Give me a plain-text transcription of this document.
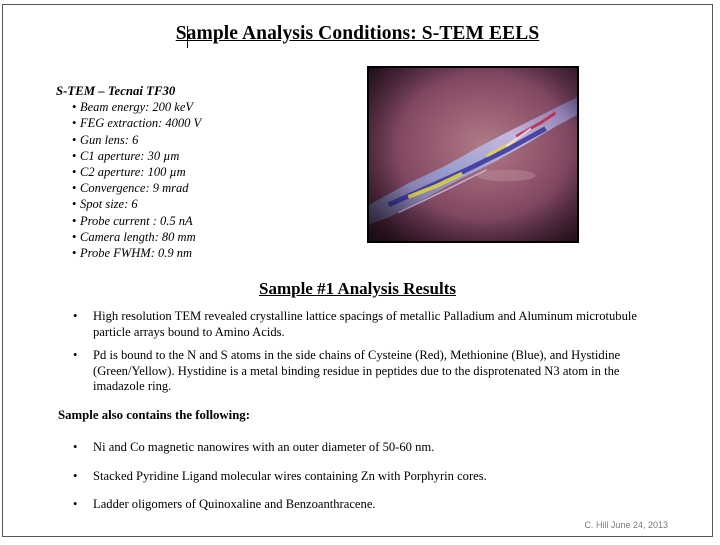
Sample Analysis Conditions: S-TEM EELS
S-TEM – Tecnai TF30
• Beam energy: 200 keV
• FEG extraction: 4000 V
• Gun lens: 6
• C1 aperture: 30 µm
• C2 aperture: 100 µm
• Convergence: 9 mrad
• Spot size: 6
• Probe current : 0.5 nA
• Camera length: 80 mm
• Probe FWHM: 0.9 nm
Sample #1 Analysis Results
• High resolution TEM revealed crystalline lattice spacings of metallic Palladium and Aluminum microtubule particle arrays bound to Amino Acids.
• Pd is bound to the N and S atoms in the side chains of Cysteine (Red), Methionine (Blue), and Hystidine (Green/Yellow). Hystidine is a metal binding residue in peptides due to the disprotenated N3 atom in the imadazole ring.
Sample also contains the following:
• Ni and Co magnetic nanowires with an outer diameter of 50-60 nm.
• Stacked Pyridine Ligand molecular wires containing Zn with Porphyrin cores.
• Ladder oligomers of Quinoxaline and Benzoanthracene.
C. Hill June 24, 2013
